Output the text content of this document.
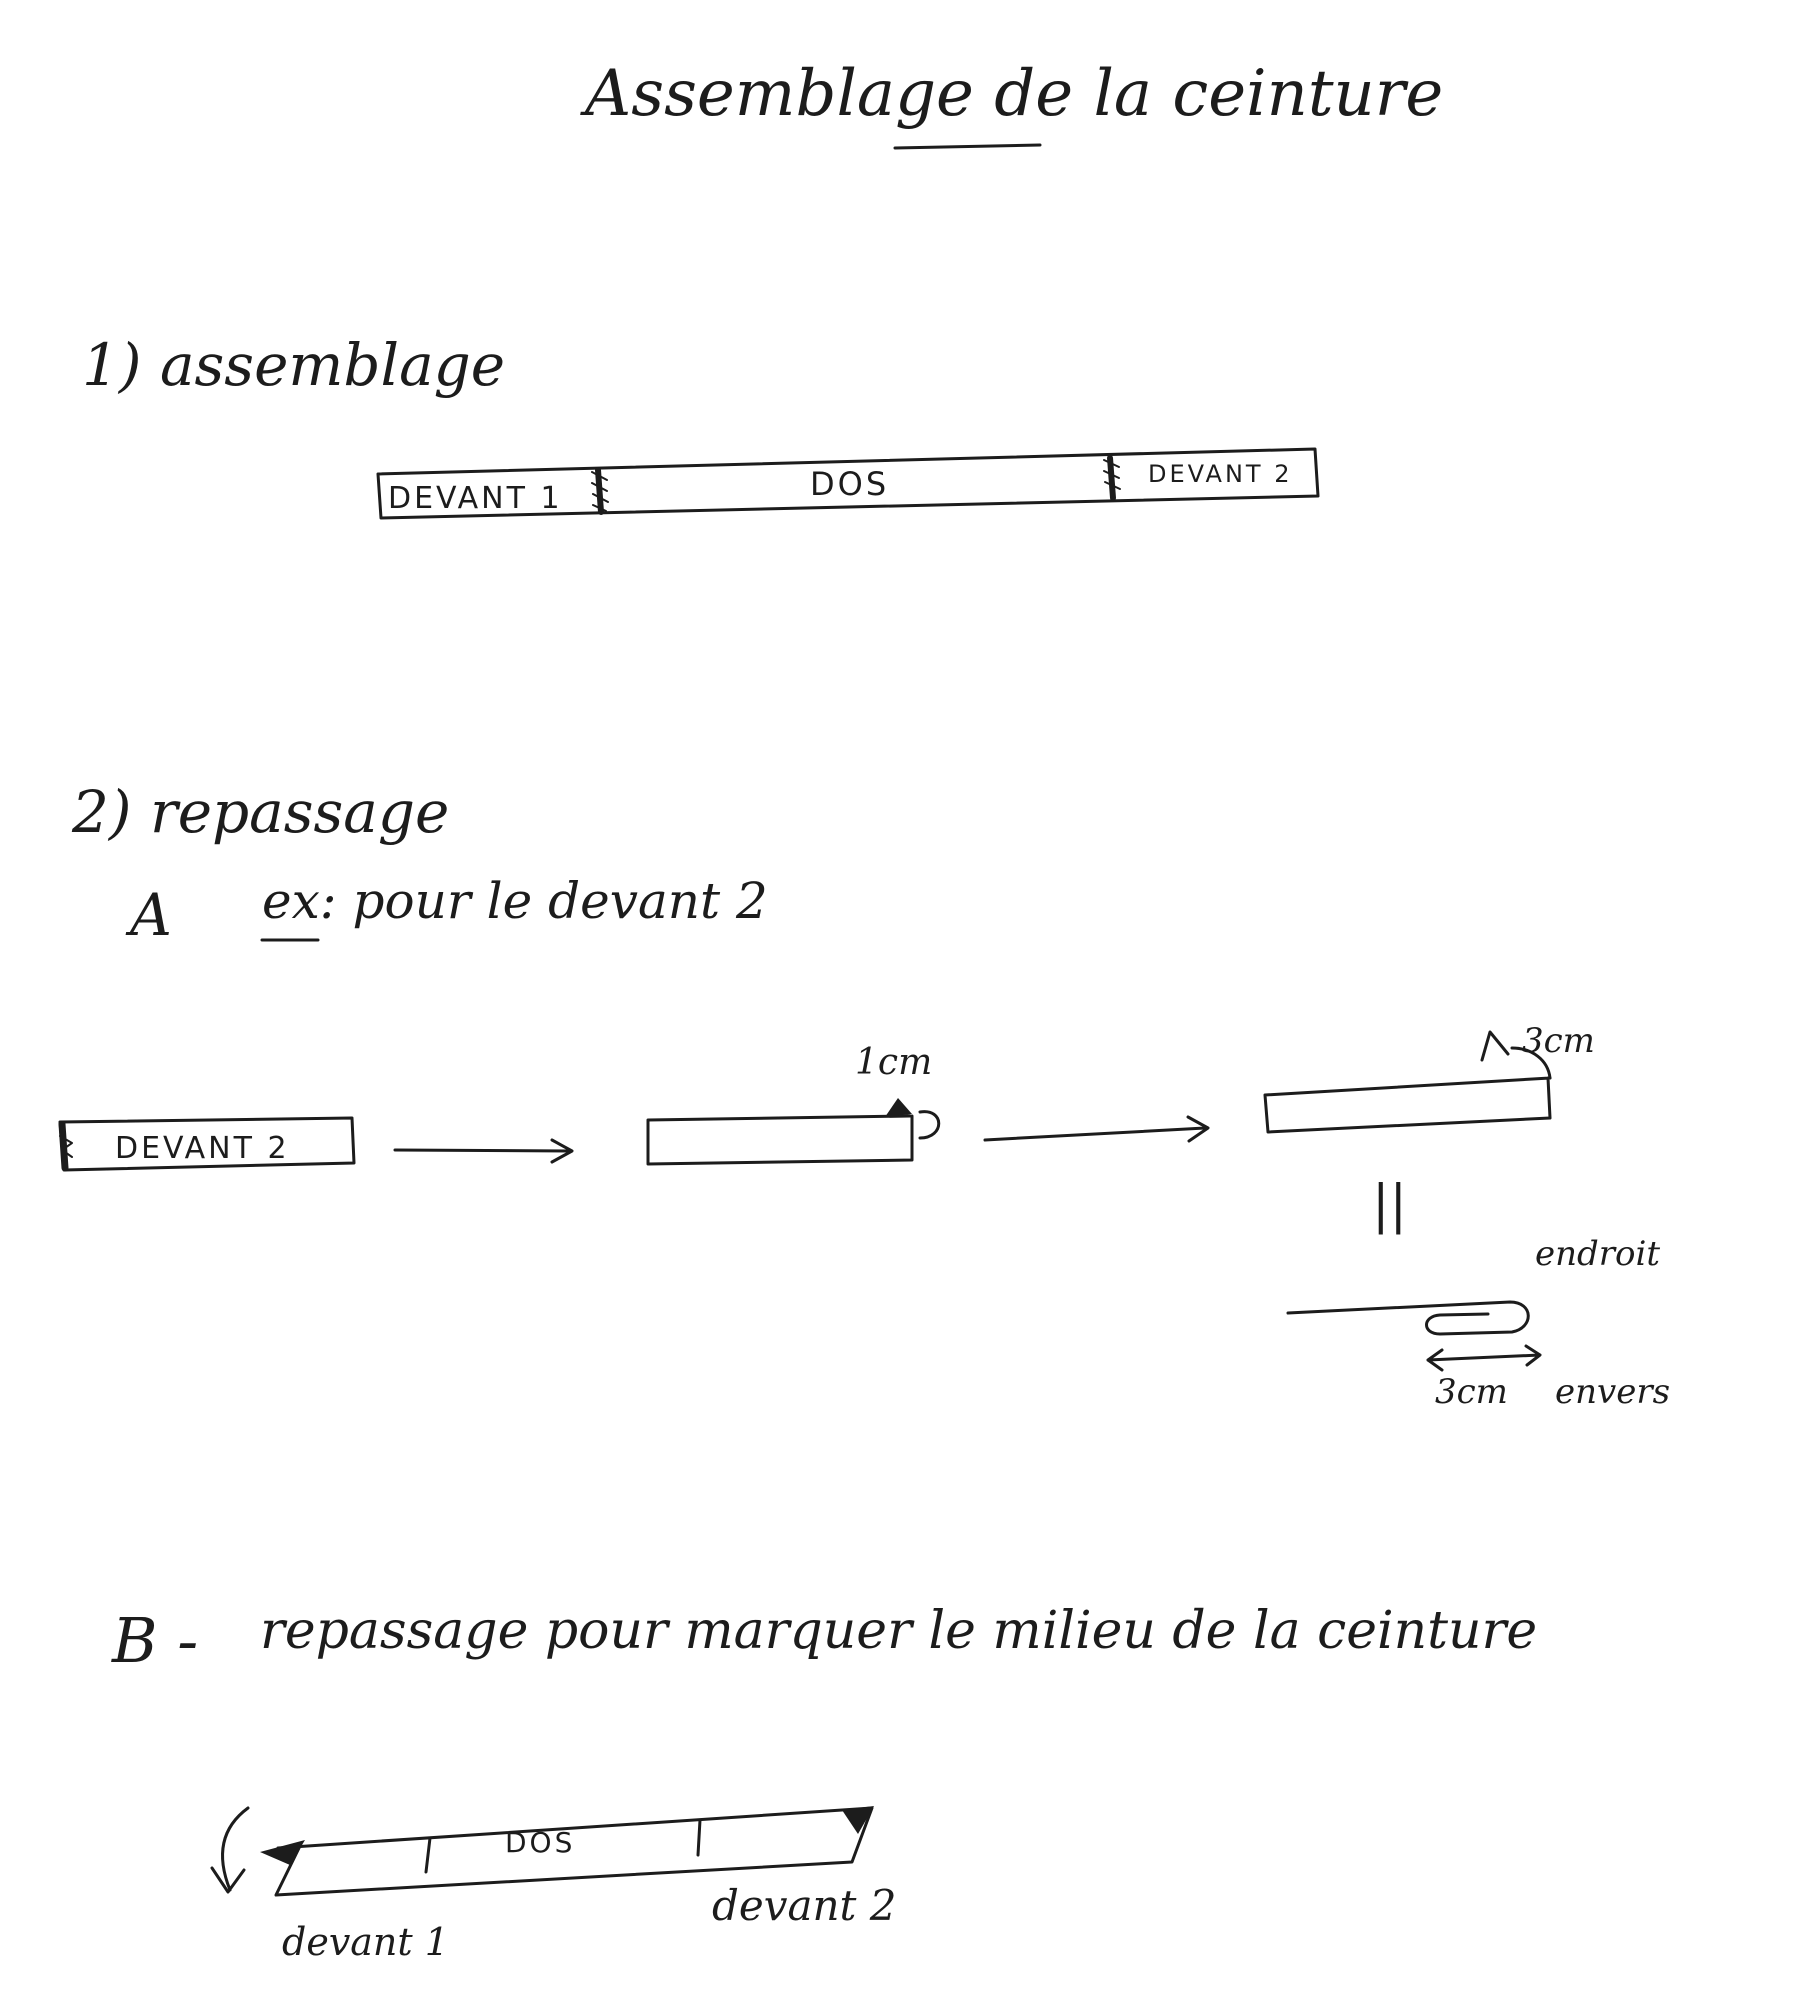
Assemblage de la ceinture
1) assemblage
DEVANT 1	DOS	DEVANT 2
2) repassage
A ex: pour le devant 2
DEVANT 2
1cm
3cm
||
endroit
3cm envers
B - repassage pour marquer le milieu de la ceinture
DOS
devant 1
devant 2
